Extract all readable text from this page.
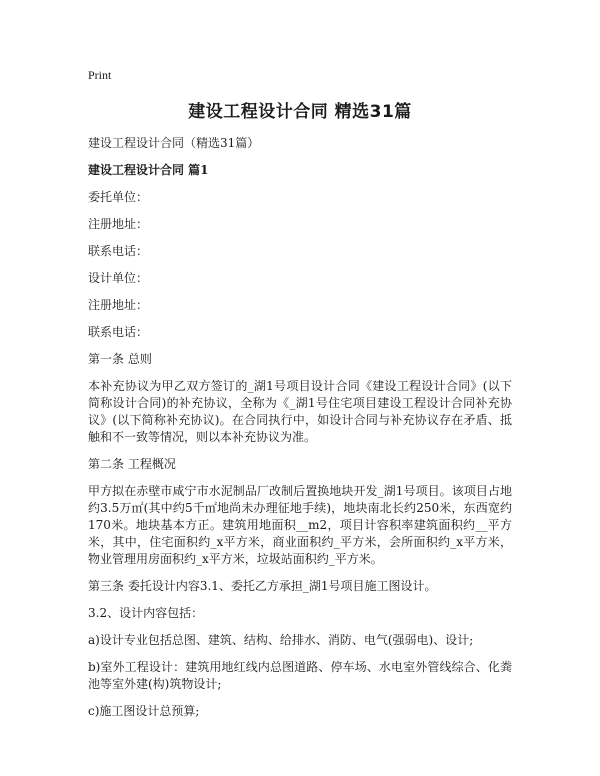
Print
建设工程设计合同 精选31篇
建设工程设计合同（精选31篇）
建设工程设计合同 篇1
委托单位：
注册地址：
联系电话：
设计单位：
注册地址：
联系电话：
第一条 总则
本补充协议为甲乙双方签订的_湖1号项目设计合同《建设工程设计合同》(以下简称设计合同)的补充协议，全称为《_湖1号住宅项目建设工程设计合同补充协议》(以下简称补充协议)。在合同执行中，如设计合同与补充协议存在矛盾、抵触和不一致等情况，则以本补充协议为准。
第二条 工程概况
甲方拟在赤壁市咸宁市水泥制品厂改制后置换地块开发_湖1号项目。该项目占地约3.5万㎡(其中约5千㎡地尚未办理征地手续)，地块南北长约250米，东西宽约170米。地块基本方正。建筑用地面积__m2，项目计容积率建筑面积约__平方米，其中，住宅面积约_x平方米，商业面积约_平方米，会所面积约_x平方米，物业管理用房面积约_x平方米，垃圾站面积约_平方米。
第三条 委托设计内容3.1、委托乙方承担_湖1号项目施工图设计。
3.2、设计内容包括：
a)设计专业包括总图、建筑、结构、给排水、消防、电气(强弱电)、设计;
b)室外工程设计：建筑用地红线内总图道路、停车场、水电室外管线综合、化粪池等室外建(构)筑物设计;
c)施工图设计总预算;
